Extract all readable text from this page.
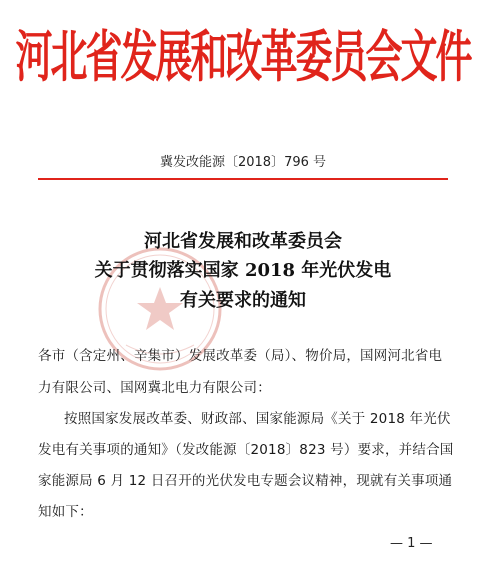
河北省发展和改革委员会文件
冀发改能源〔2018〕796 号
河北省发展和改革委员会
关于贯彻落实国家 2018 年光伏发电
有关要求的通知
各市（含定州、辛集市）发展改革委（局）、物价局，国网河北省电
力有限公司、国网冀北电力有限公司：
按照国家发展改革委、财政部、国家能源局《关于 2018 年光伏
发电有关事项的通知》（发改能源〔2018〕823 号）要求，并结合国
家能源局 6 月 12 日召开的光伏发电专题会议精神，现就有关事项通
知如下：
— 1 —
